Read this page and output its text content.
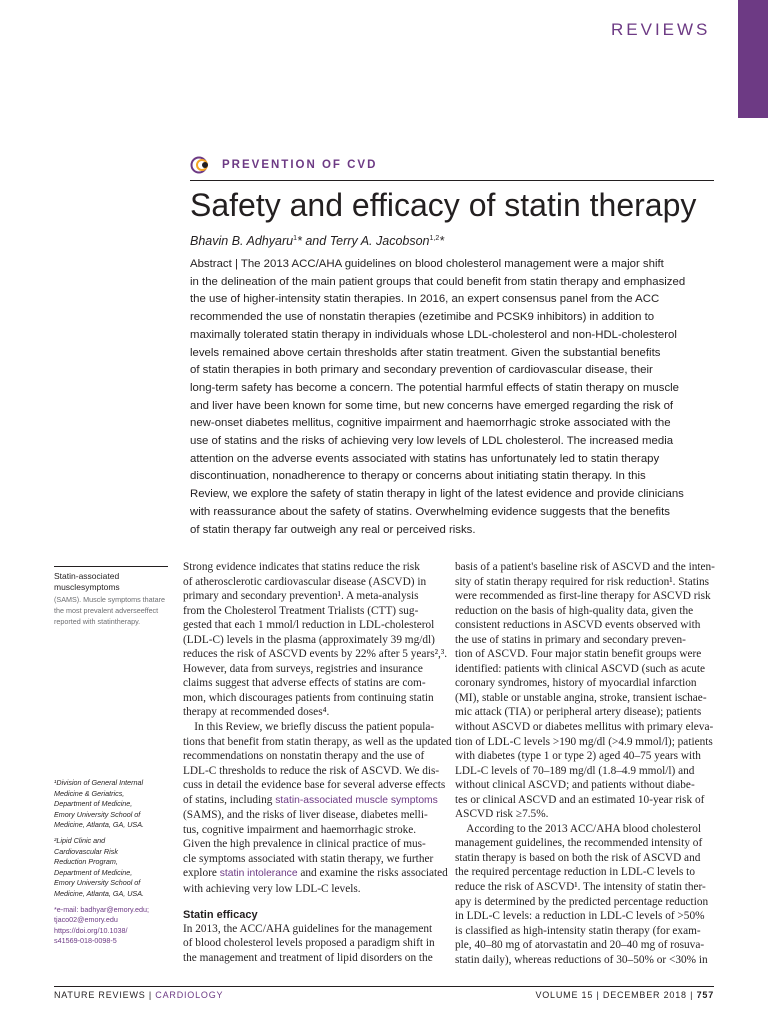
REVIEWS
PREVENTION OF CVD
Safety and efficacy of statin therapy
Bhavin B. Adhyaru$^1$* and Terry A. Jacobson$^{1,2}$*
Abstract | The 2013 ACC/AHA guidelines on blood cholesterol management were a major shift
in the delineation of the main patient groups that could benefit from statin therapy and emphasized
the use of higher-intensity statin therapies. In 2016, an expert consensus panel from the ACC
recommended the use of nonstatin therapies (ezetimibe and PCSK9 inhibitors) in addition to
maximally tolerated statin therapy in individuals whose LDL-cholesterol and non-HDL-cholesterol
levels remained above certain thresholds after statin treatment. Given the substantial benefits
of statin therapies in both primary and secondary prevention of cardiovascular disease, their
long-term safety has become a concern. The potential harmful effects of statin therapy on muscle
and liver have been known for some time, but new concerns have emerged regarding the risk of
new-onset diabetes mellitus, cognitive impairment and haemorrhagic stroke associated with the
use of statins and the risks of achieving very low levels of LDL cholesterol. The increased media
attention on the adverse events associated with statins has unfortunately led to statin therapy
discontinuation, nonadherence to therapy or concerns about initiating statin therapy. In this
Review, we explore the safety of statin therapy in light of the latest evidence and provide clinicians
with reassurance about the safety of statins. Overwhelming evidence suggests that the benefits
of statin therapy far outweigh any real or perceived risks.
Statin-associated musclesymptoms
(SAMS). Muscle symptoms thatare the most prevalent adverseeffect reported with statintherapy.
¹Division of General Internal
Medicine & Geriatrics,
Department of Medicine,
Emory University School of
Medicine, Atlanta, GA, USA.
²Lipid Clinic and
Cardiovascular Risk
Reduction Program,
Department of Medicine,
Emory University School of
Medicine, Atlanta, GA, USA.
*e-mail: badhyar@emory.edu;
tjaco02@emory.edu
https://doi.org/10.1038/
s41569-018-0098-5
Strong evidence indicates that statins reduce the risk
of atherosclerotic cardiovascular disease (ASCVD) in
primary and secondary prevention¹. A meta-analysis
from the Cholesterol Treatment Trialists (CTT) sug-
gested that each 1 mmol/l reduction in LDL-cholesterol
(LDL-C) levels in the plasma (approximately 39 mg/dl)
reduces the risk of ASCVD events by 22% after 5 years²,³.
However, data from surveys, registries and insurance
claims suggest that adverse effects of statins are com-
mon, which discourages patients from continuing statin
therapy at recommended doses⁴.
 In this Review, we briefly discuss the patient popula-
tions that benefit from statin therapy, as well as the updated
recommendations on nonstatin therapy and the use of
LDL-C thresholds to reduce the risk of ASCVD. We dis-
cuss in detail the evidence base for several adverse effects
of statins, including statin-associated muscle symptoms
(SAMS), and the risks of liver disease, diabetes melli-
tus, cognitive impairment and haemorrhagic stroke.
Given the high prevalence in clinical practice of mus-
cle symptoms associated with statin therapy, we further
explore statin intolerance and examine the risks associated
with achieving very low LDL-C levels.
Statin efficacy
In 2013, the ACC/AHA guidelines for the management
of blood cholesterol levels proposed a paradigm shift in
the management and treatment of lipid disorders on the
basis of a patient's baseline risk of ASCVD and the inten-
sity of statin therapy required for risk reduction¹. Statins
were recommended as first-line therapy for ASCVD risk
reduction on the basis of high-quality data, given the
consistent reductions in ASCVD events observed with
the use of statins in primary and secondary preven-
tion of ASCVD. Four major statin benefit groups were
identified: patients with clinical ASCVD (such as acute
coronary syndromes, history of myocardial infarction
(MI), stable or unstable angina, stroke, transient ischae-
mic attack (TIA) or peripheral artery disease); patients
without ASCVD or diabetes mellitus with primary eleva-
tion of LDL-C levels >190 mg/dl (>4.9 mmol/l); patients
with diabetes (type 1 or type 2) aged 40–75 years with
LDL-C levels of 70–189 mg/dl (1.8–4.9 mmol/l) and
without clinical ASCVD; and patients without diabe-
tes or clinical ASCVD and an estimated 10-year risk of
ASCVD risk ≥7.5%.
 According to the 2013 ACC/AHA blood cholesterol
management guidelines, the recommended intensity of
statin therapy is based on both the risk of ASCVD and
the required percentage reduction in LDL-C levels to
reduce the risk of ASCVD¹. The intensity of statin ther-
apy is determined by the predicted percentage reduction
in LDL-C levels: a reduction in LDL-C levels of >50%
is classified as high-intensity statin therapy (for exam-
ple, 40–80 mg of atorvastatin and 20–40 mg of rosuva-
statin daily), whereas reductions of 30–50% or <30% in
NATURE REVIEWS | CARDIOLOGY	VOLUME 15 | DECEMBER 2018 | 757
